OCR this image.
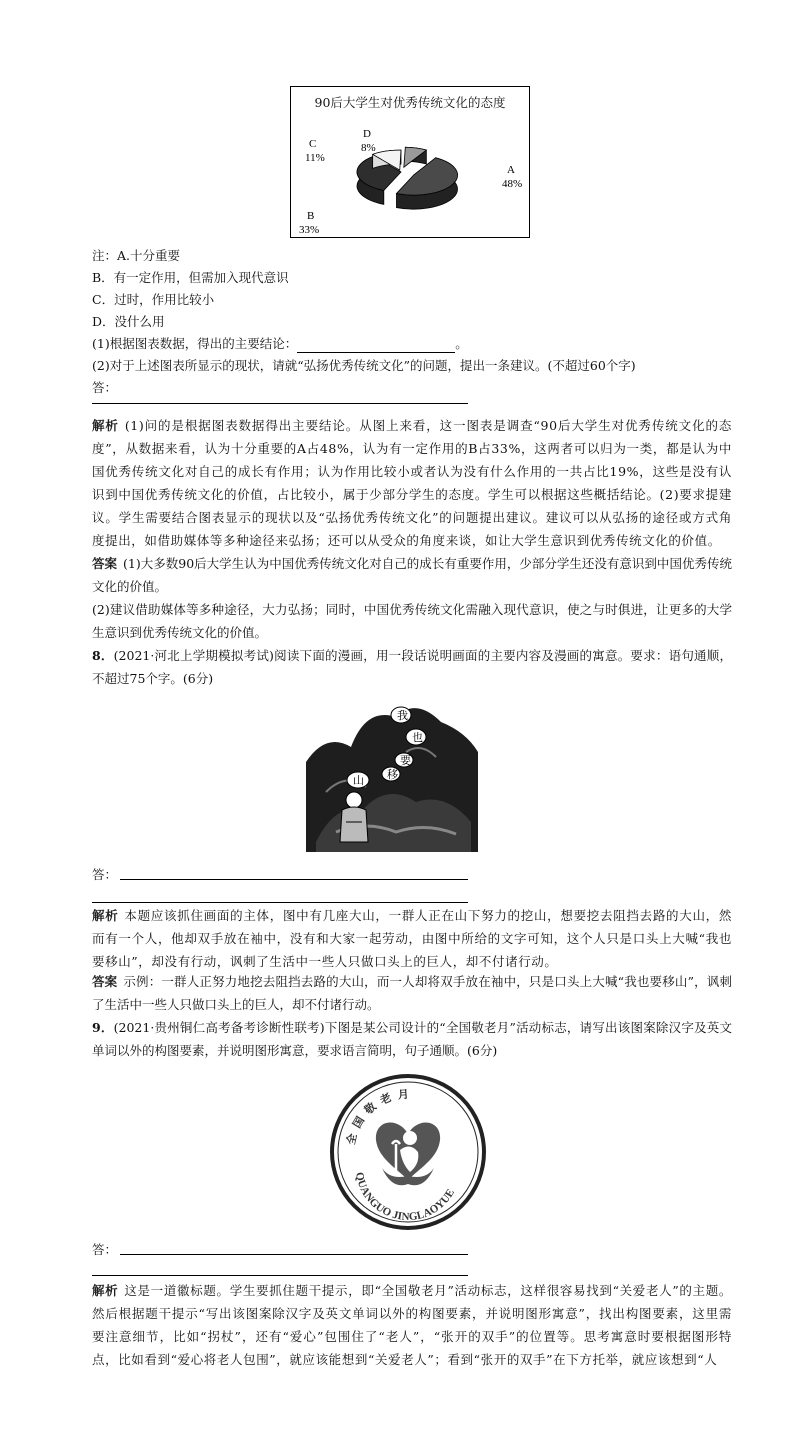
90后大学生对优秀传统文化的态度
A
48%
B
33%
C
11%
D
8%
注：A.十分重要
B．有一定作用，但需加入现代意识
C．过时，作用比较小
D．没什么用
(1)根据图表数据，得出的主要结论：	。
(2)对于上述图表所显示的现状，请就“弘扬优秀传统文化”的问题，提出一条建议。(不超过60个字)
答：
解析 (1)问的是根据图表数据得出主要结论。从图上来看，这一图表是调查“90后大学生对优秀传统文化的态度”，从数据来看，认为十分重要的A占48%，认为有一定作用的B占33%，这两者可以归为一类，都是认为中国优秀传统文化对自己的成长有作用；认为作用比较小或者认为没有什么作用的一共占比19%，这些是没有认识到中国优秀传统文化的价值，占比较小，属于少部分学生的态度。学生可以根据这些概括结论。(2)要求提建议。学生需要结合图表显示的现状以及“弘扬优秀传统文化”的问题提出建议。建议可以从弘扬的途径或方式角度提出，如借助媒体等多种途径来弘扬；还可以从受众的角度来谈，如让大学生意识到优秀传统文化的价值。
答案 (1)大多数90后大学生认为中国优秀传统文化对自己的成长有重要作用，少部分学生还没有意识到中国优秀传统文化的价值。
(2)建议借助媒体等多种途径，大力弘扬；同时，中国优秀传统文化需融入现代意识，使之与时俱进，让更多的大学生意识到优秀传统文化的价值。
8．(2021·河北上学期模拟考试)阅读下面的漫画，用一段话说明画面的主要内容及漫画的寓意。要求：语句通顺，不超过75个字。(6分)
我
也
要
移
山
答：
解析 本题应该抓住画面的主体，图中有几座大山，一群人正在山下努力的挖山，想要挖去阻挡去路的大山，然而有一个人，他却双手放在袖中，没有和大家一起劳动，由图中所给的文字可知，这个人只是口头上大喊“我也要移山”，却没有行动，讽刺了生活中一些人只做口头上的巨人，却不付诸行动。
答案 示例：一群人正努力地挖去阻挡去路的大山，而一人却将双手放在袖中，只是口头上大喊“我也要移山”，讽刺了生活中一些人只做口头上的巨人，却不付诸行动。
9．(2021·贵州铜仁高考备考诊断性联考)下图是某公司设计的“全国敬老月”活动标志，请写出该图案除汉字及英文单词以外的构图要素，并说明图形寓意，要求语言简明，句子通顺。(6分)
全国敬老 月
QUANGUO JINGLAOYUE
答：
解析 这是一道徽标题。学生要抓住题干提示，即“全国敬老月”活动标志，这样很容易找到“关爱老人”的主题。然后根据题干提示“写出该图案除汉字及英文单词以外的构图要素，并说明图形寓意”，找出构图要素，这里需要注意细节，比如“拐杖”，还有“爱心”包围住了“老人”，“张开的双手”的位置等。思考寓意时要根据图形特点，比如看到“爱心将老人包围”，就应该能想到“关爱老人”；看到“张开的双手”在下方托举，就应该想到“人
